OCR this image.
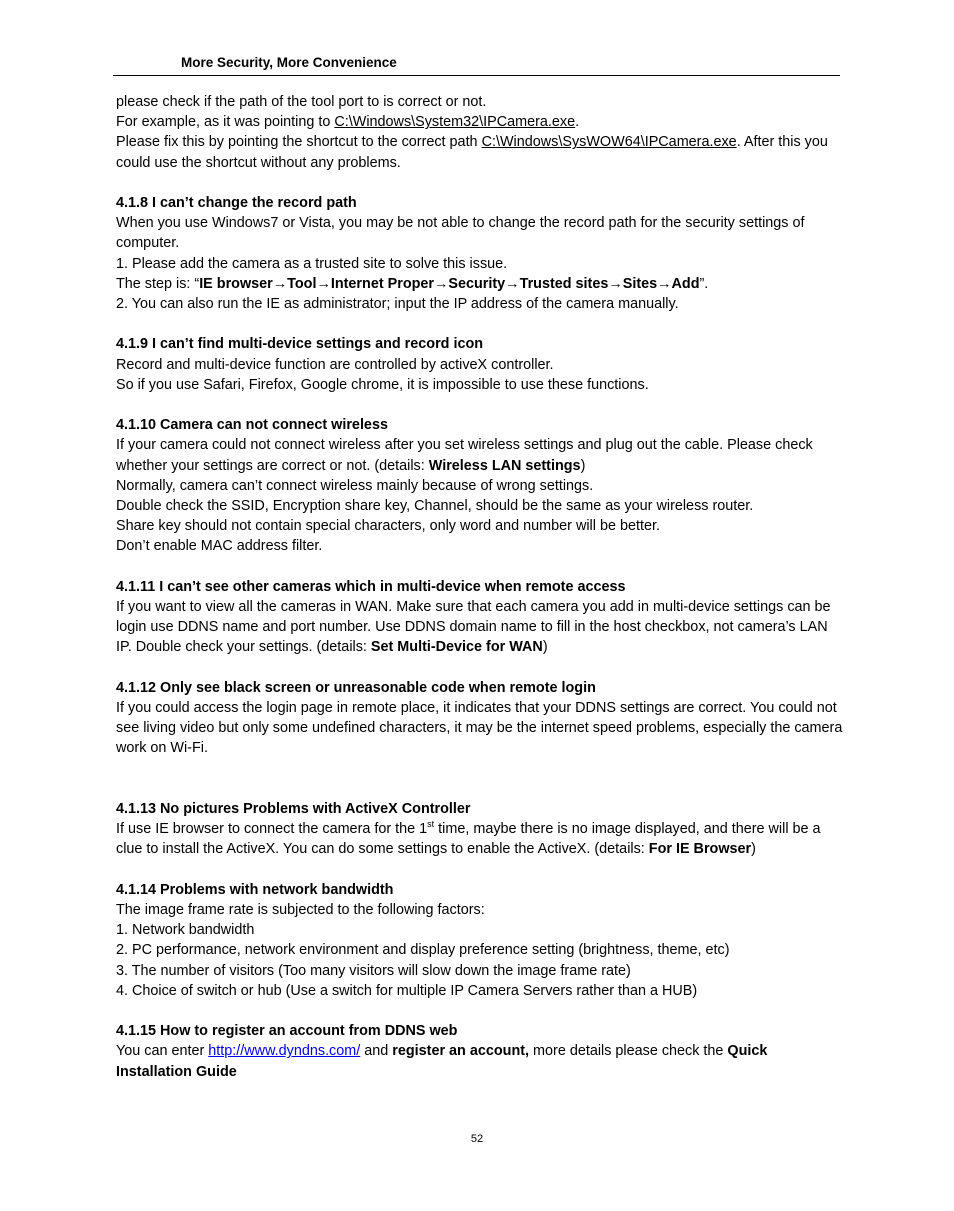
More Security, More Convenience

please check if the path of the tool port to is correct or not.

For example, as it was pointing to C:\Windows\System32\IPCamera.exe.

Please fix this by pointing the shortcut to the correct path C:\Windows\SysWOW64\IPCamera.exe. After this you could use the shortcut without any problems.

4.1.8 I can’t change the record path

When you use Windows7 or Vista, you may be not able to change the record path for the security settings of computer.

1. Please add the camera as a trusted site to solve this issue.

The step is: “IE browser→Tool→Internet Proper→Security→Trusted sites→Sites→Add”.

2. You can also run the IE as administrator; input the IP address of the camera manually.

4.1.9 I can’t find multi-device settings and record icon

Record and multi-device function are controlled by activeX controller.

So if you use Safari, Firefox, Google chrome, it is impossible to use these functions.

4.1.10 Camera can not connect wireless

If your camera could not connect wireless after you set wireless settings and plug out the cable. Please check whether your settings are correct or not. (details: Wireless LAN settings)

Normally, camera can’t connect wireless mainly because of wrong settings.

Double check the SSID, Encryption share key, Channel, should be the same as your wireless router.

Share key should not contain special characters, only word and number will be better.

Don’t enable MAC address filter.

4.1.11 I can’t see other cameras which in multi-device when remote access

If you want to view all the cameras in WAN. Make sure that each camera you add in multi-device settings can be login use DDNS name and port number. Use DDNS domain name to fill in the host checkbox, not camera’s LAN IP. Double check your settings. (details: Set Multi-Device for WAN)

4.1.12 Only see black screen or unreasonable code when remote login

If you could access the login page in remote place, it indicates that your DDNS settings are correct. You could not see living video but only some undefined characters, it may be the internet speed problems, especially the camera work on Wi-Fi.

4.1.13 No pictures Problems with ActiveX Controller

If use IE browser to connect the camera for the 1st time, maybe there is no image displayed, and there will be a clue to install the ActiveX. You can do some settings to enable the ActiveX. (details: For IE Browser)

4.1.14 Problems with network bandwidth

The image frame rate is subjected to the following factors:

1. Network bandwidth

2. PC performance, network environment and display preference setting (brightness, theme, etc)

3. The number of visitors (Too many visitors will slow down the image frame rate)

4. Choice of switch or hub (Use a switch for multiple IP Camera Servers rather than a HUB)

4.1.15 How to register an account from DDNS web

You can enter http://www.dyndns.com/ and register an account, more details please check the Quick Installation Guide

52
